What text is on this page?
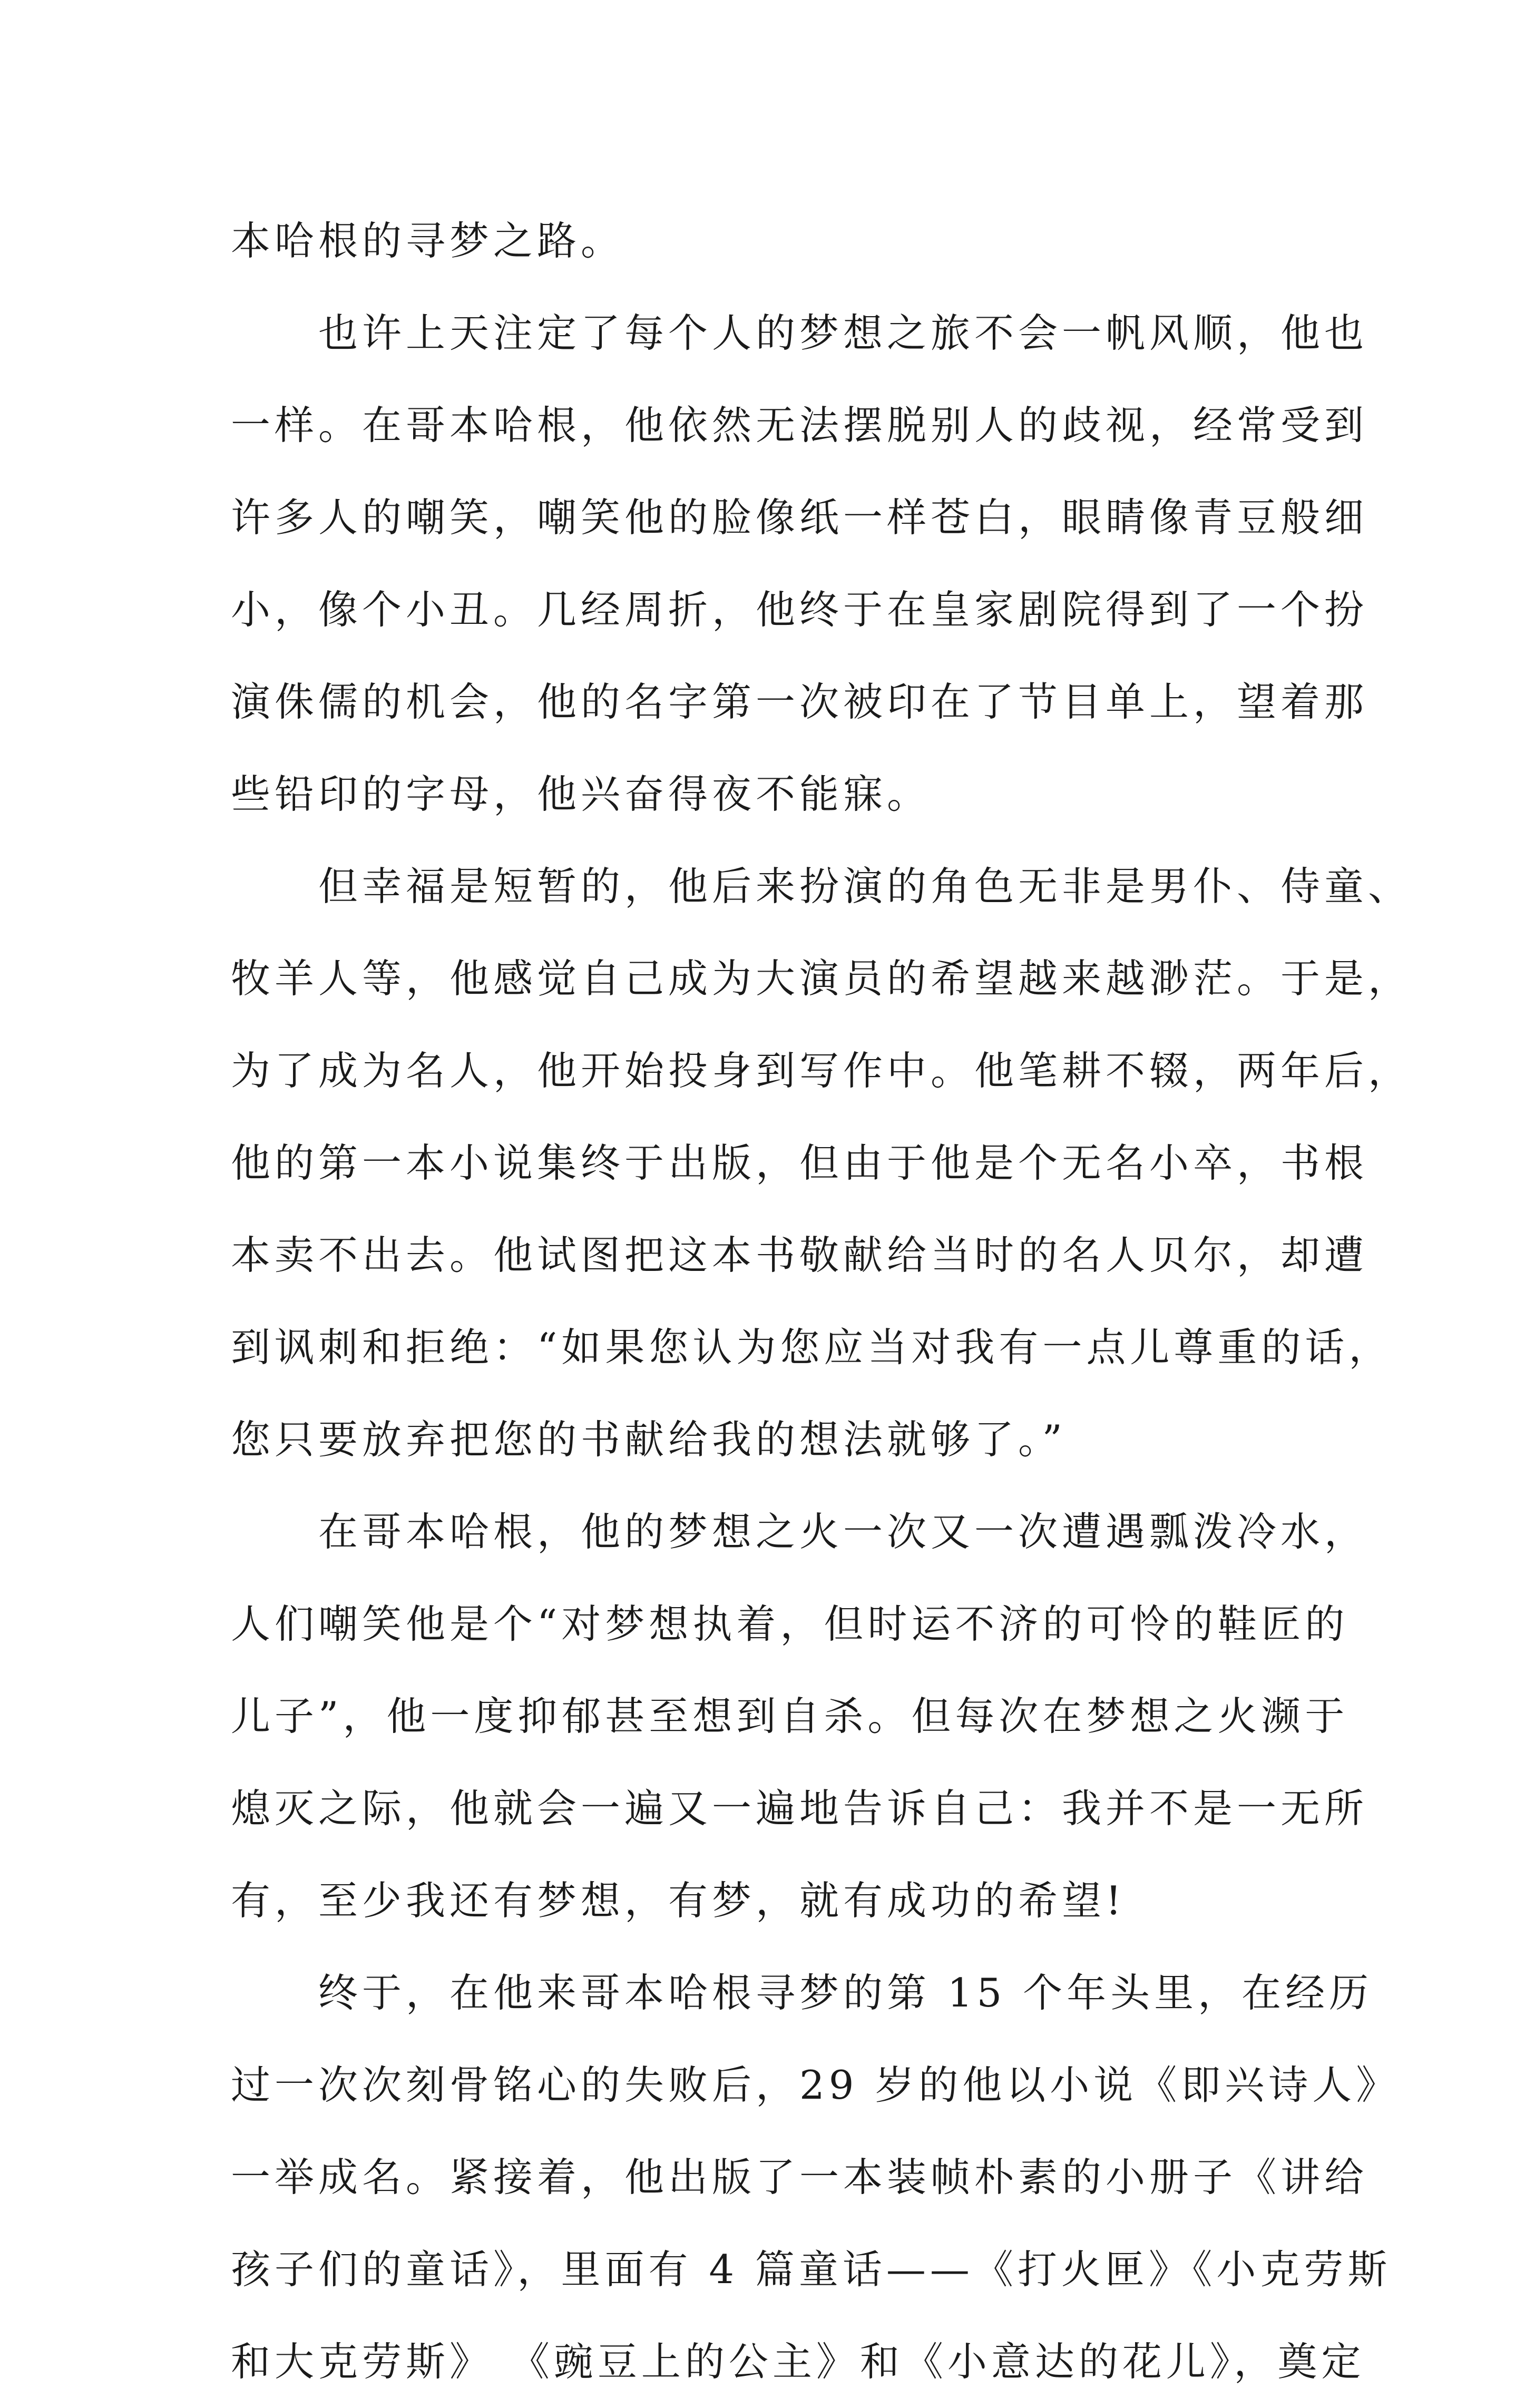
本哈根的寻梦之路。
也许上天注定了每个人的梦想之旅不会一帆风顺，他也
一样。在哥本哈根，他依然无法摆脱别人的歧视，经常受到
许多人的嘲笑，嘲笑他的脸像纸一样苍白，眼睛像青豆般细
小，像个小丑。几经周折，他终于在皇家剧院得到了一个扮
演侏儒的机会，他的名字第一次被印在了节目单上，望着那
些铅印的字母，他兴奋得夜不能寐。
但幸福是短暂的，他后来扮演的角色无非是男仆、侍童、
牧羊人等，他感觉自己成为大演员的希望越来越渺茫。于是，
为了成为名人，他开始投身到写作中。他笔耕不辍，两年后，
他的第一本小说集终于出版，但由于他是个无名小卒，书根
本卖不出去。他试图把这本书敬献给当时的名人贝尔，却遭
到讽刺和拒绝：“如果您认为您应当对我有一点儿尊重的话，
您只要放弃把您的书献给我的想法就够了。”
在哥本哈根，他的梦想之火一次又一次遭遇瓢泼冷水，
人们嘲笑他是个“对梦想执着，但时运不济的可怜的鞋匠的
儿子”，他一度抑郁甚至想到自杀。但每次在梦想之火濒于
熄灭之际，他就会一遍又一遍地告诉自己：我并不是一无所
有，至少我还有梦想，有梦，就有成功的希望!
终于，在他来哥本哈根寻梦的第 15 个年头里，在经历
过一次次刻骨铭心的失败后，29 岁的他以小说《即兴诗人》
一举成名。紧接着，他出版了一本装帧朴素的小册子《讲给
孩子们的童话》，里面有 4 篇童话——《打火匣》《小克劳斯
和大克劳斯》 《豌豆上的公主》和《小意达的花儿》，奠定
